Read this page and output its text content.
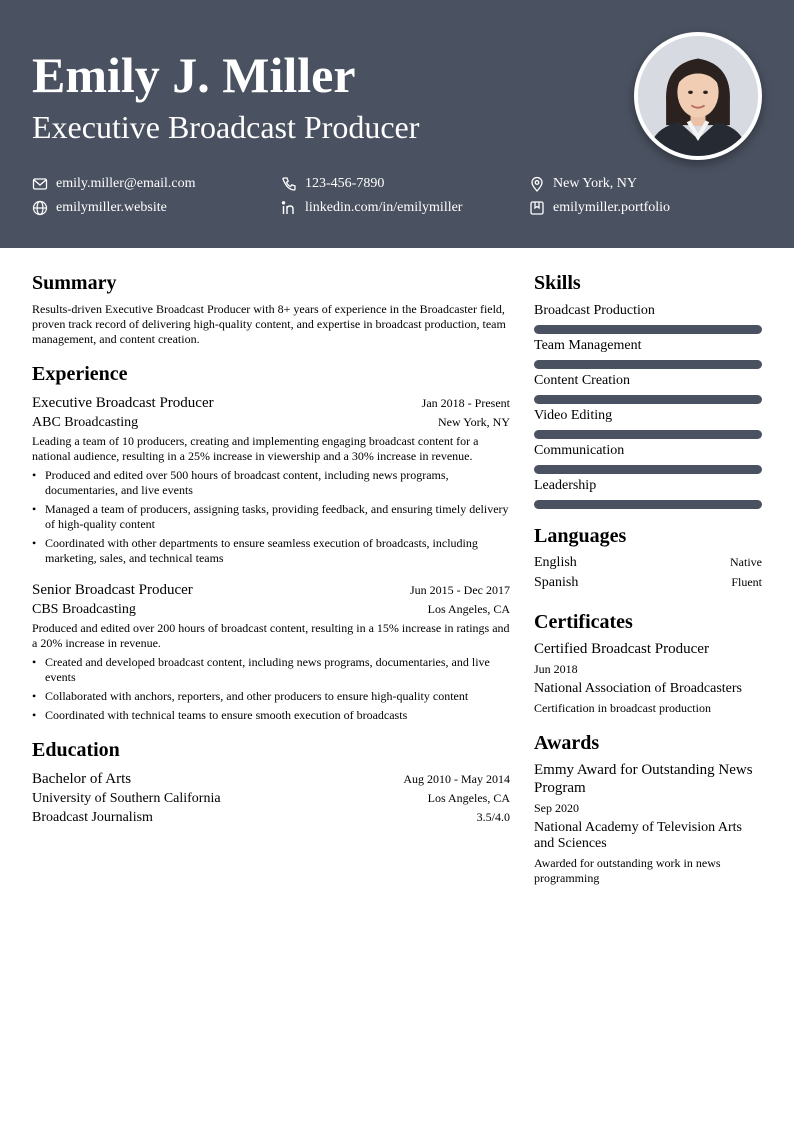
Emily J. Miller
Executive Broadcast Producer
emily.miller@email.com	123-456-7890	New York, NY
emilymiller.website	linkedin.com/in/emilymiller	emilymiller.portfolio
Summary

Results-driven Executive Broadcast Producer with 8+ years of experience in the Broadcaster field, proven track record of delivering high-quality content, and expertise in broadcast production, team management, and content creation.

Experience
Executive Broadcast Producer	Jan 2018 - Present
ABC Broadcasting	New York, NY

Leading a team of 10 producers, creating and implementing engaging broadcast content for a national audience, resulting in a 25% increase in viewership and a 30% increase in revenue.

• Produced and edited over 500 hours of broadcast content, including news programs, documentaries, and live events
• Managed a team of producers, assigning tasks, providing feedback, and ensuring timely delivery of high-quality content
• Coordinated with other departments to ensure seamless execution of broadcasts, including marketing, sales, and technical teams
Senior Broadcast Producer	Jun 2015 - Dec 2017
CBS Broadcasting	Los Angeles, CA

Produced and edited over 200 hours of broadcast content, resulting in a 15% increase in ratings and a 20% increase in revenue.

• Created and developed broadcast content, including news programs, documentaries, and live events
• Collaborated with anchors, reporters, and other producers to ensure high-quality content
• Coordinated with technical teams to ensure smooth execution of broadcasts
Education
Bachelor of Arts	Aug 2010 - May 2014
University of Southern California	Los Angeles, CA
Broadcast Journalism	3.5/4.0
Skills
Broadcast Production
Team Management
Content Creation
Video Editing
Communication
Leadership
Languages
English	Native
Spanish	Fluent
Certificates
Certified Broadcast Producer
Jun 2018
National Association of Broadcasters
Certification in broadcast production
Awards
Emmy Award for Outstanding News Program
Sep 2020
National Academy of Television Arts and Sciences
Awarded for outstanding work in news programming
